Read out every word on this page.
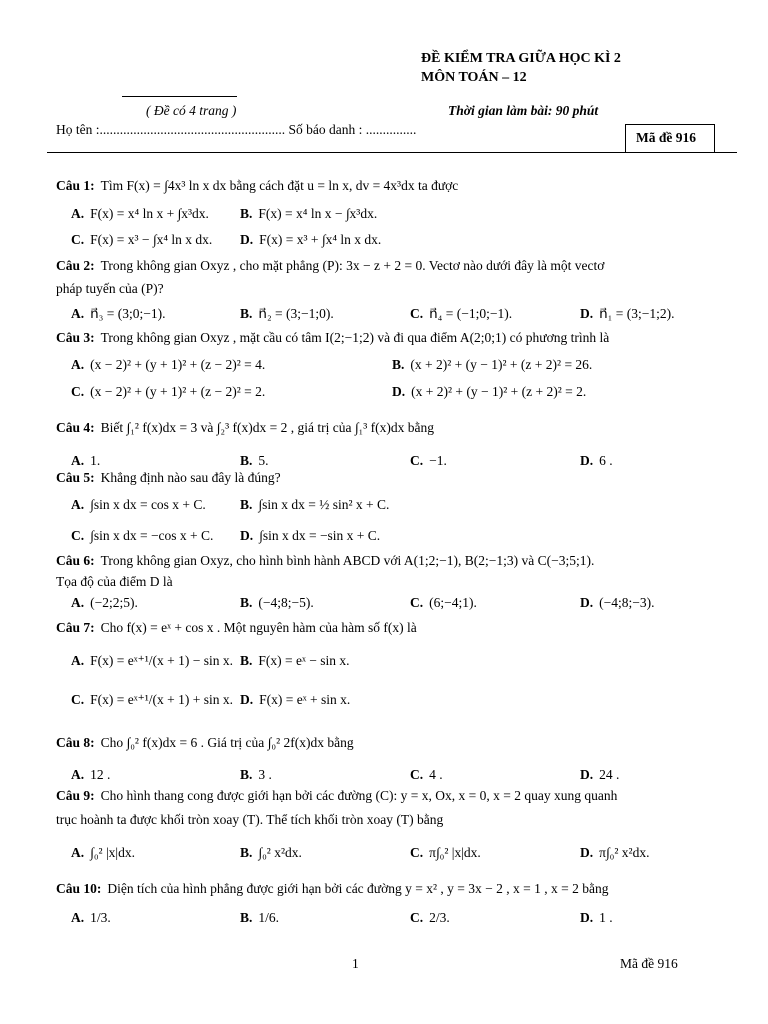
ĐỀ KIỂM TRA GIỮA HỌC KÌ 2
MÔN TOÁN – 12
( Đề có 4 trang )	Thời gian làm bài: 90 phút
Họ tên :....................................................... Số báo danh : ...............
Mã đề 916
Câu 1: Tìm F(x) = ∫4x³ ln x dx bằng cách đặt u = ln x, dv = 4x³dx ta được
A. F(x) = x⁴ ln x + ∫x³dx. B. F(x) = x⁴ ln x − ∫x³dx.
C. F(x) = x³ − ∫x⁴ ln x dx. D. F(x) = x³ + ∫x⁴ ln x dx.
Câu 2: Trong không gian Oxyz , cho mặt phẳng (P): 3x − z + 2 = 0. Vectơ nào dưới đây là một vectơ
pháp tuyến của (P)?
A. n⃗₃ = (3;0;−1).	B. n⃗₂ = (3;−1;0).	C. n⃗₄ = (−1;0;−1).	D. n⃗₁ = (3;−1;2).
Câu 3: Trong không gian Oxyz , mặt cầu có tâm I(2;−1;2) và đi qua điểm A(2;0;1) có phương trình là
A. (x − 2)² + (y + 1)² + (z − 2)² = 4.	B. (x + 2)² + (y − 1)² + (z + 2)² = 26.
C. (x − 2)² + (y + 1)² + (z − 2)² = 2.	D. (x + 2)² + (y − 1)² + (z + 2)² = 2.
Câu 4: Biết ∫₁² f(x)dx = 3 và ∫₂³ f(x)dx = 2 , giá trị của ∫₁³ f(x)dx bằng
A. 1.	B. 5.	C. −1.	D. 6 .
Câu 5: Khẳng định nào sau đây là đúng?
A. ∫sin x dx = cos x + C.	B. ∫sin x dx = ½ sin² x + C.
C. ∫sin x dx = −cos x + C. D. ∫sin x dx = −sin x + C.
Câu 6: Trong không gian Oxyz, cho hình bình hành ABCD với A(1;2;−1), B(2;−1;3) và C(−3;5;1).
Tọa độ của điểm D là
A. (−2;2;5).	B. (−4;8;−5).	C. (6;−4;1).	D. (−4;8;−3).
Câu 7: Cho f(x) = eˣ + cos x . Một nguyên hàm của hàm số f(x) là
A. F(x) = eˣ⁺¹/(x + 1) − sin x. B. F(x) = eˣ − sin x.
C. F(x) = eˣ⁺¹/(x + 1) + sin x. D. F(x) = eˣ + sin x.
Câu 8: Cho ∫₀² f(x)dx = 6 . Giá trị của ∫₀² 2f(x)dx bằng
A. 12 .	B. 3 .	C. 4 .	D. 24 .
Câu 9: Cho hình thang cong được giới hạn bởi các đường (C): y = x, Ox, x = 0, x = 2 quay xung quanh
trục hoành ta được khối tròn xoay (T). Thể tích khối tròn xoay (T) bằng
A. ∫₀² |x|dx.	B. ∫₀² x²dx.	C. π∫₀² |x|dx.	D. π∫₀² x²dx.
Câu 10: Diện tích của hình phẳng được giới hạn bởi các đường y = x² , y = 3x − 2 , x = 1 , x = 2 bằng
A. 1/3.	B. 1/6.	C. 2/3.	D. 1 .
1	Mã đề 916
